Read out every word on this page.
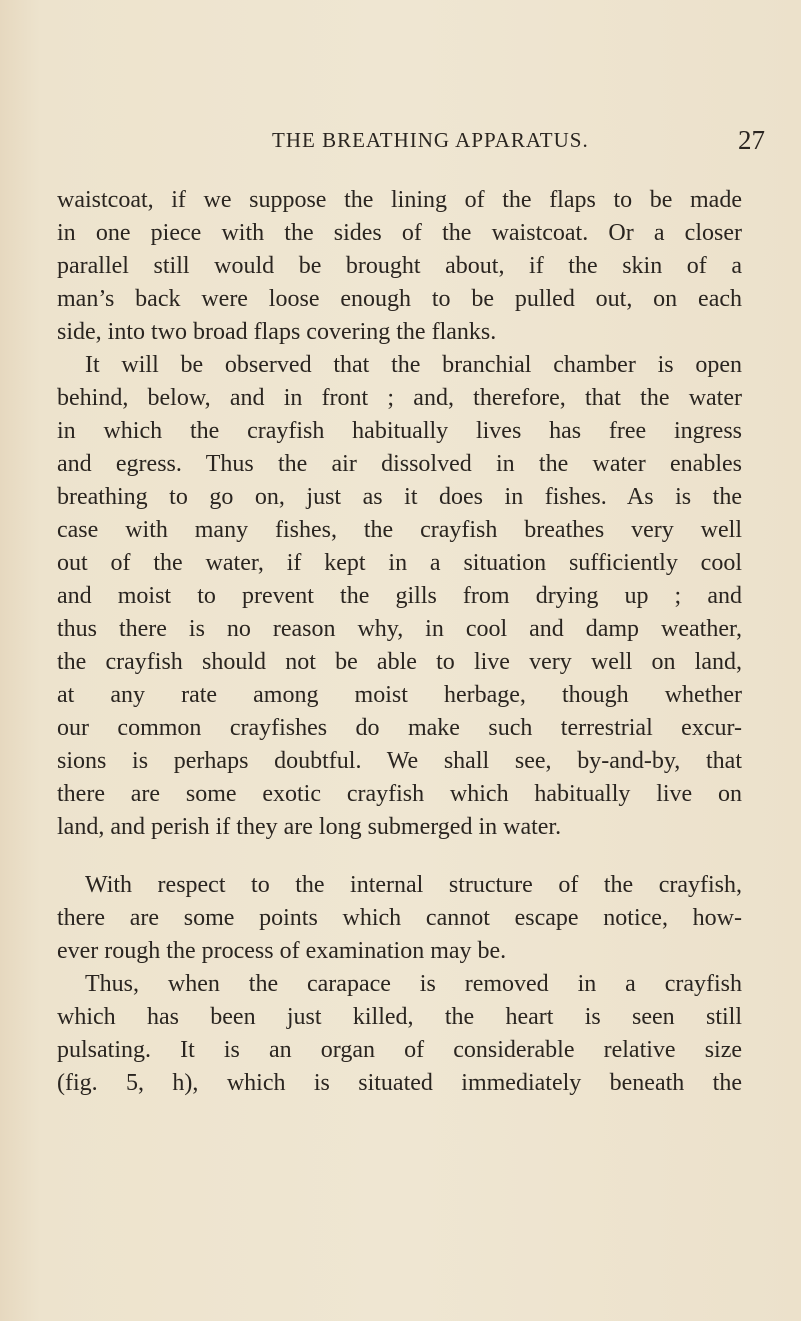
THE BREATHING APPARATUS.	27
waistcoat, if we suppose the lining of the flaps to be made
in one piece with the sides of the waistcoat. Or a closer
parallel still would be brought about, if the skin of a
man’s back were loose enough to be pulled out, on each
side, into two broad flaps covering the flanks.
It will be observed that the branchial chamber is open
behind, below, and in front ; and, therefore, that the water
in which the crayfish habitually lives has free ingress
and egress. Thus the air dissolved in the water enables
breathing to go on, just as it does in fishes. As is the
case with many fishes, the crayfish breathes very well
out of the water, if kept in a situation sufficiently cool
and moist to prevent the gills from drying up ; and
thus there is no reason why, in cool and damp weather,
the crayfish should not be able to live very well on land,
at any rate among moist herbage, though whether
our common crayfishes do make such terrestrial excur-
sions is perhaps doubtful. We shall see, by-and-by, that
there are some exotic crayfish which habitually live on
land, and perish if they are long submerged in water.
With respect to the internal structure of the crayfish,
there are some points which cannot escape notice, how-
ever rough the process of examination may be.
Thus, when the carapace is removed in a crayfish
which has been just killed, the heart is seen still
pulsating. It is an organ of considerable relative size
(fig. 5, h), which is situated immediately beneath the
